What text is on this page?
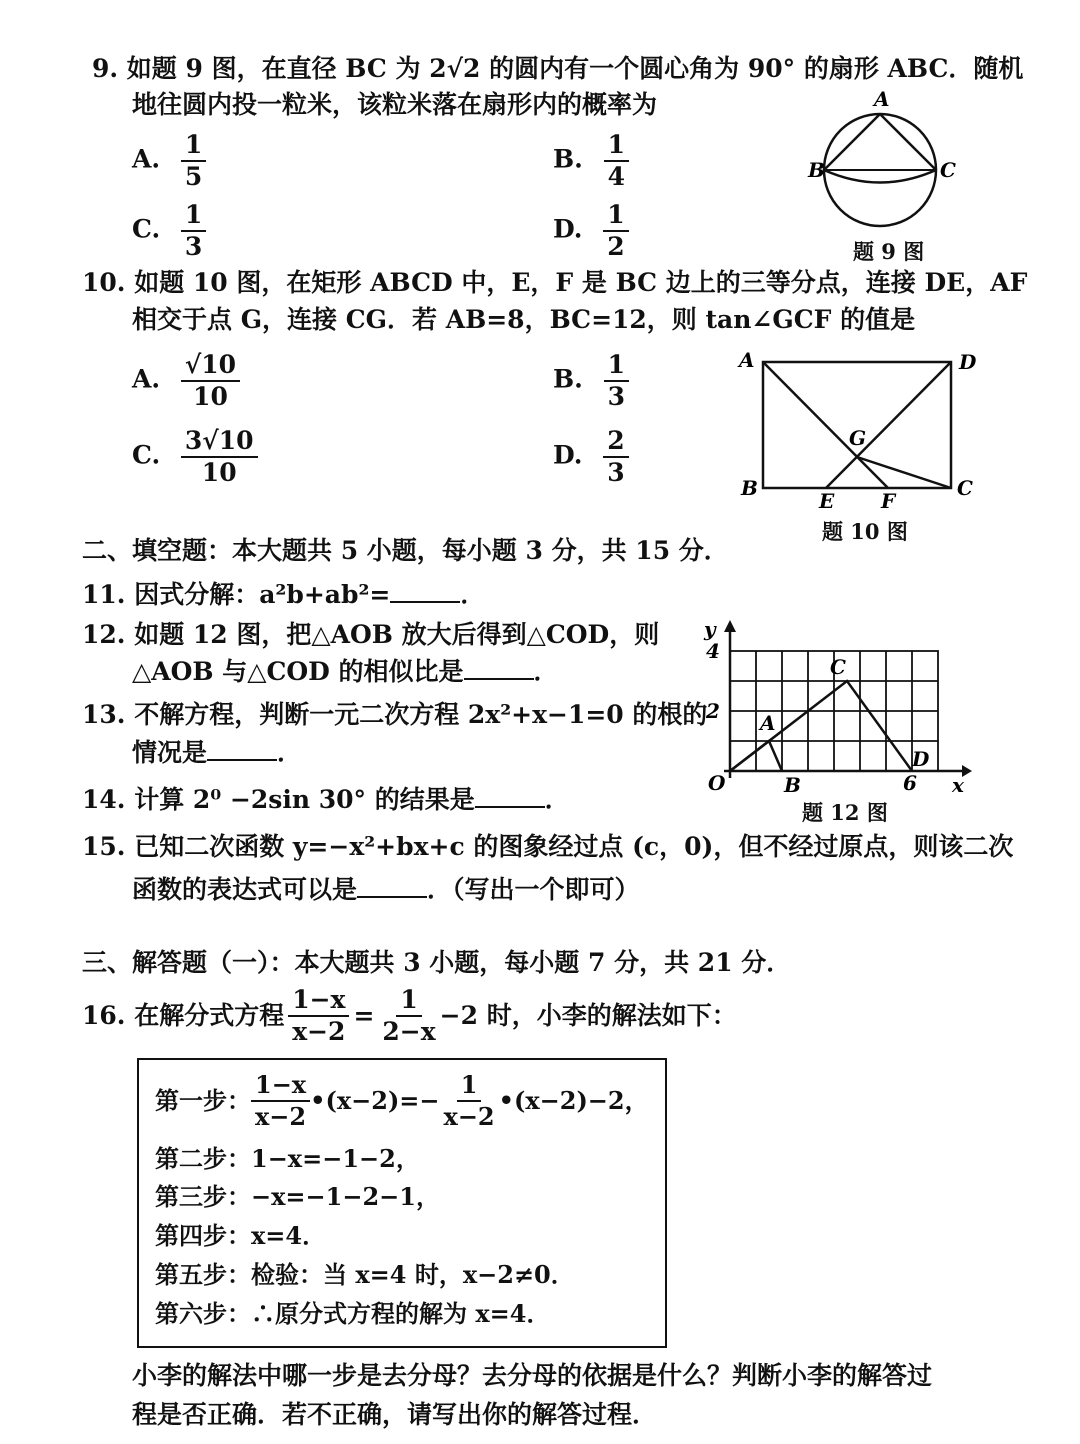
9. 如题 9 图，在直径 BC 为 2√2 的圆内有一个圆心角为 90° 的扇形 ABC．随机
地往圆内投一粒米，该粒米落在扇形内的概率为
A. $\frac{1}{5}$	B. $\frac{1}{4}$
C. $\frac{1}{3}$	D. $\frac{1}{2}$
A
B	C
题 9 图
10. 如题 10 图，在矩形 ABCD 中，E，F 是 BC 边上的三等分点，连接 DE，AF
相交于点 G，连接 CG．若 AB=8，BC=12，则 tan∠GCF 的值是
A. $\frac{√10}{10}$	B. $\frac{1}{3}$
C. $\frac{3√10}{10}$	D. $\frac{2}{3}$
A	D
G
B
E F
C
题 10 图
二、填空题：本大题共 5 小题，每小题 3 分，共 15 分．
11. 因式分解：a²b+ab²=	．
12. 如题 12 图，把△AOB 放大后得到△COD，则
△AOB 与△COD 的相似比是	．
13. 不解方程，判断一元二次方程 2x²+x−1=0 的根的
情况是	．
14. 计算 2⁰ −2sin 30° 的结果是	．
15. 已知二次函数 y=−x²+bx+c 的图象经过点 (c，0)，但不经过原点，则该二次
函数的表达式可以是	．（写出一个即可）
y
4
2
O	B	6 x
A
C
D
题 12 图
三、解答题（一）：本大题共 3 小题，每小题 7 分，共 21 分．
16. 在解分式方程 $\frac{1-x}{x-2} = \frac{1}{2-x} -2$ 时，小李的解法如下：
第一步： $\frac{1-x}{x-2}$ •(x−2)=− $\frac{1}{x-2}$ •(x−2)−2，
第二步：1−x=−1−2，
第三步：−x=−1−2−1，
第四步：x=4．
第五步：检验：当 x=4 时，x−2≠0．
第六步：∴原分式方程的解为 x=4．
小李的解法中哪一步是去分母？去分母的依据是什么？判断小李的解答过
程是否正确．若不正确，请写出你的解答过程．
